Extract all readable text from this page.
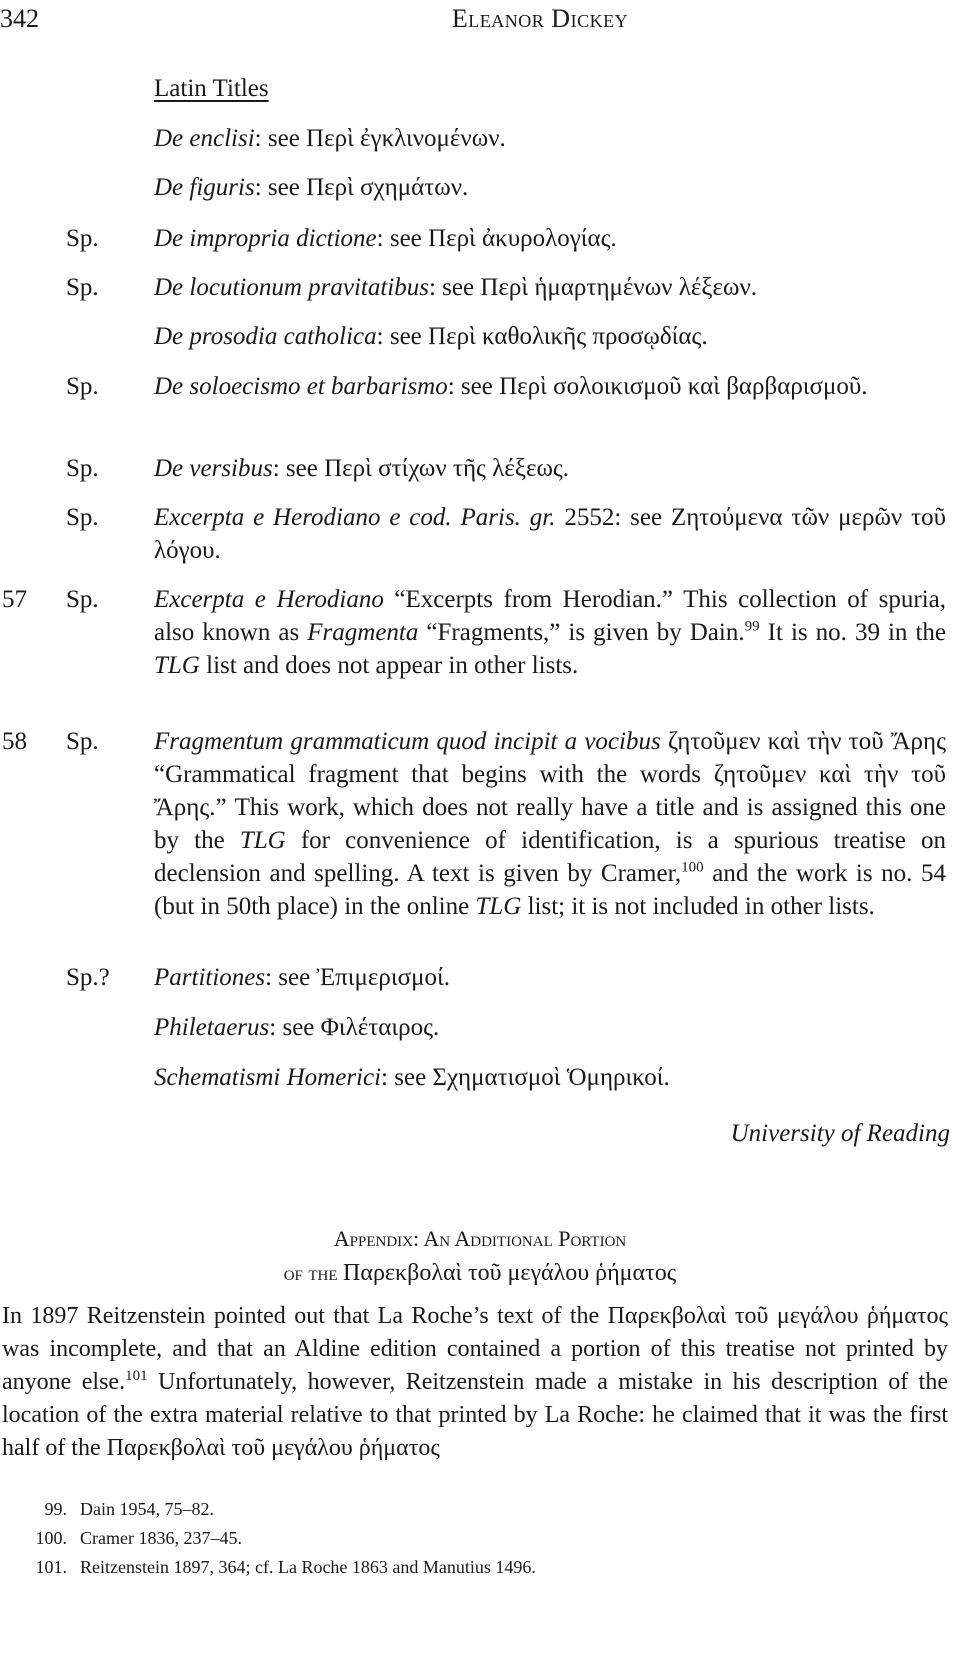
342	Eleanor Dickey
Latin Titles
De enclisi: see Περὶ ἐγκλινομένων.
De figuris: see Περὶ σχημάτων.
Sp. De impropria dictione: see Περὶ ἀκυρολογίας.
Sp. De locutionum pravitatibus: see Περὶ ἡμαρτημένων λέξεων.
De prosodia catholica: see Περὶ καθολικῆς προσῳδίας.
Sp. De soloecismo et barbarismo: see Περὶ σολοικισμοῦ καὶ βαρβαρισμοῦ.
Sp. De versibus: see Περὶ στίχων τῆς λέξεως.
Sp. Excerpta e Herodiano e cod. Paris. gr. 2552: see Ζητούμενα τῶν μερῶν τοῦ λόγου.
57 Sp. Excerpta e Herodiano “Excerpts from Herodian.” This collection of spuria, also known as Fragmenta “Fragments,” is given by Dain.$^{99}$ It is no. 39 in the TLG list and does not appear in other lists.
58 Sp. Fragmentum grammaticum quod incipit a vocibus ζητοῦμεν καὶ τὴν τοῦ Ἄρης “Grammatical fragment that begins with the words ζητοῦμεν καὶ τὴν τοῦ Ἄρης.” This work, which does not really have a title and is assigned this one by the TLG for convenience of identification, is a spurious treatise on declension and spelling. A text is given by Cramer,$^{100}$ and the work is no. 54 (but in 50th place) in the online TLG list; it is not included in other lists.
Sp.? Partitiones: see Ἐπιμερισμοί.
Philetaerus: see Φιλέταιρος.
Schematismi Homerici: see Σχηματισμοὶ Ὁμηρικοί.
University of Reading
Appendix: An Additional Portion
of the Παρεκβολαὶ τοῦ μεγάλου ῥήματος
In 1897 Reitzenstein pointed out that La Roche’s text of the Παρεκβολαὶ τοῦ μεγάλου ῥήματος was incomplete, and that an Aldine edition contained a portion of this treatise not printed by anyone else.$^{101}$ Unfortunately, however, Reitzenstein made a mistake in his description of the location of the extra material relative to that printed by La Roche: he claimed that it was the first half of the Παρεκβολαὶ τοῦ μεγάλου ῥήματος
99. Dain 1954, 75–82.
100. Cramer 1836, 237–45.
101. Reitzenstein 1897, 364; cf. La Roche 1863 and Manutius 1496.
